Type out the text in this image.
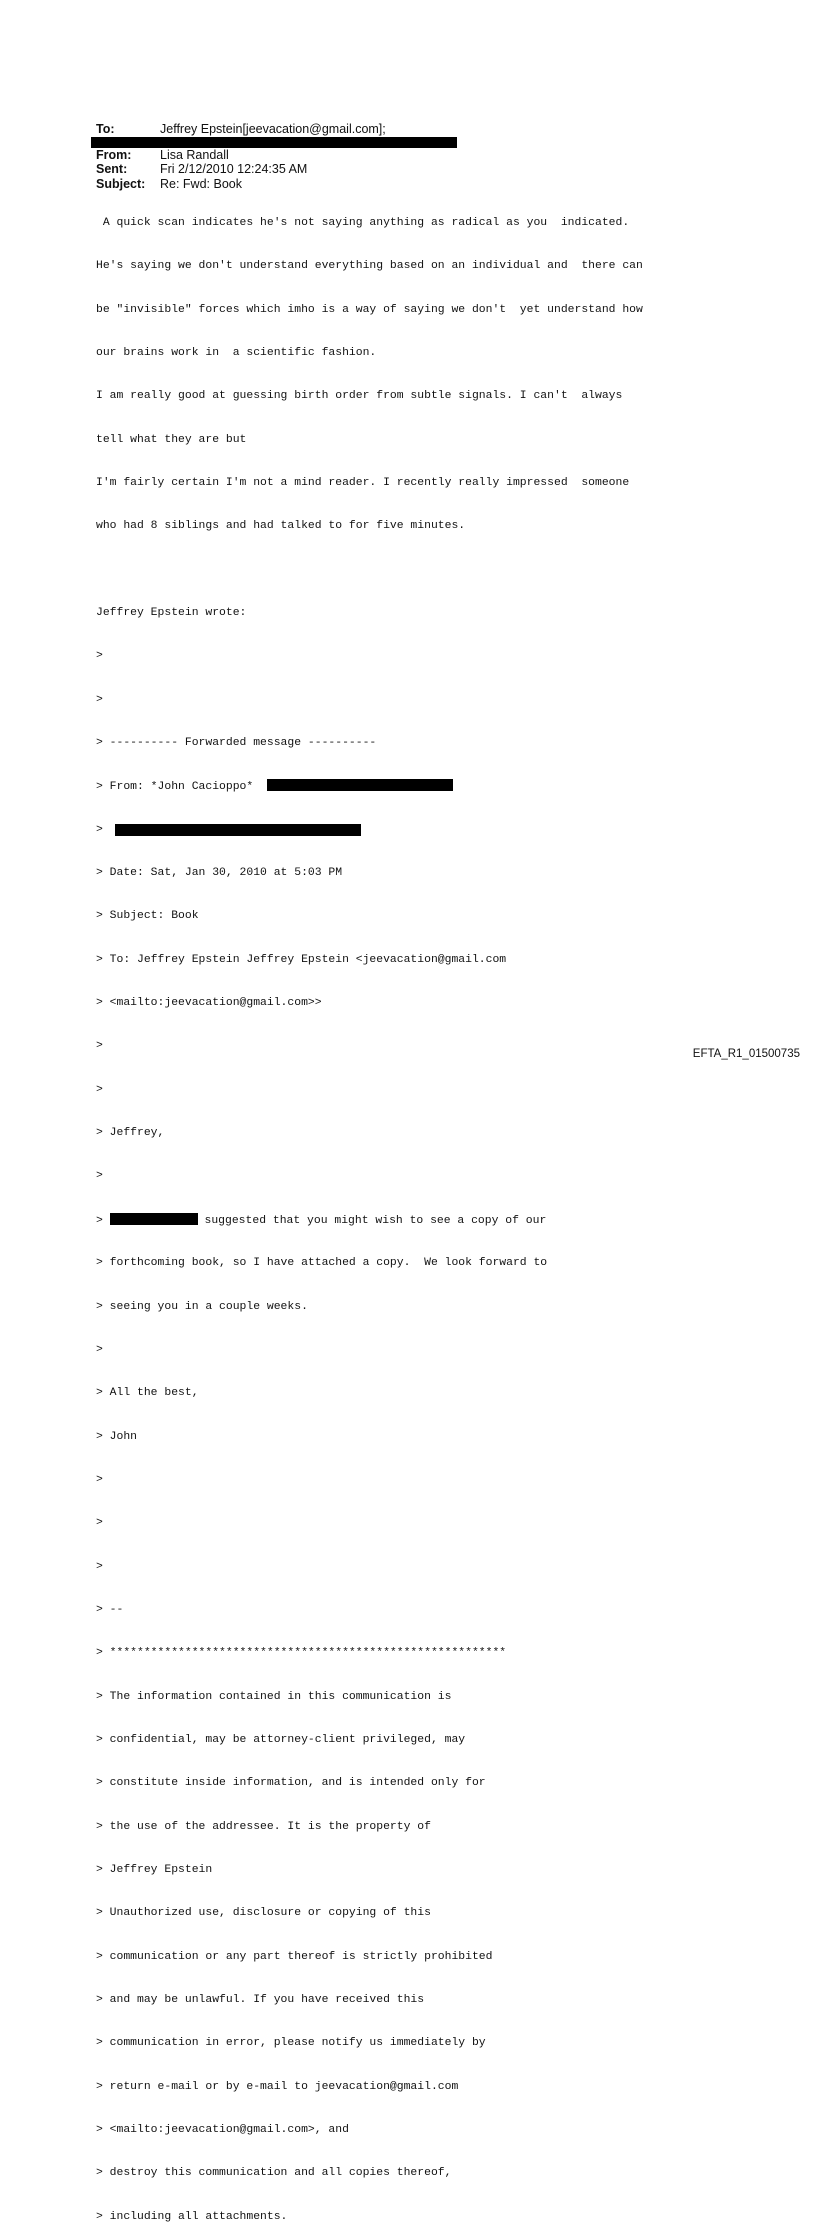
To:	Jeffrey Epstein[jeevacation@gmail.com];
From:	Lisa Randall
Sent:	Fri 2/12/2010 12:24:35 AM
Subject:	Re: Fwd: Book

A quick scan indicates he's not saying anything as radical as you  indicated.

He's saying we don't understand everything based on an individual and  there can

be "invisible" forces which imho is a way of saying we don't  yet understand how

our brains work in  a scientific fashion.

I am really good at guessing birth order from subtle signals. I can't  always

tell what they are but

I'm fairly certain I'm not a mind reader. I recently really impressed  someone

who had 8 siblings and had talked to for five minutes.

Jeffrey Epstein wrote:

>

>

> ---------- Forwarded message ----------

> From: *John Cacioppo*

>

> Date: Sat, Jan 30, 2010 at 5:03 PM

> Subject: Book

> To: Jeffrey Epstein Jeffrey Epstein <jeevacation@gmail.com

> <mailto:jeevacation@gmail.com>>

>

>

> Jeffrey,

>

>	suggested that you might wish to see a copy of our

> forthcoming book, so I have attached a copy.  We look forward to

> seeing you in a couple weeks.

>

> All the best,

> John

>

>

>

> --

> **********************************************************

> The information contained in this communication is

> confidential, may be attorney-client privileged, may

> constitute inside information, and is intended only for

> the use of the addressee. It is the property of

> Jeffrey Epstein

> Unauthorized use, disclosure or copying of this

> communication or any part thereof is strictly prohibited

> and may be unlawful. If you have received this

> communication in error, please notify us immediately by

> return e-mail or by e-mail to jeevacation@gmail.com

> <mailto:jeevacation@gmail.com>, and

> destroy this communication and all copies thereof,

> including all attachments.

EFTA_R1_01500735
